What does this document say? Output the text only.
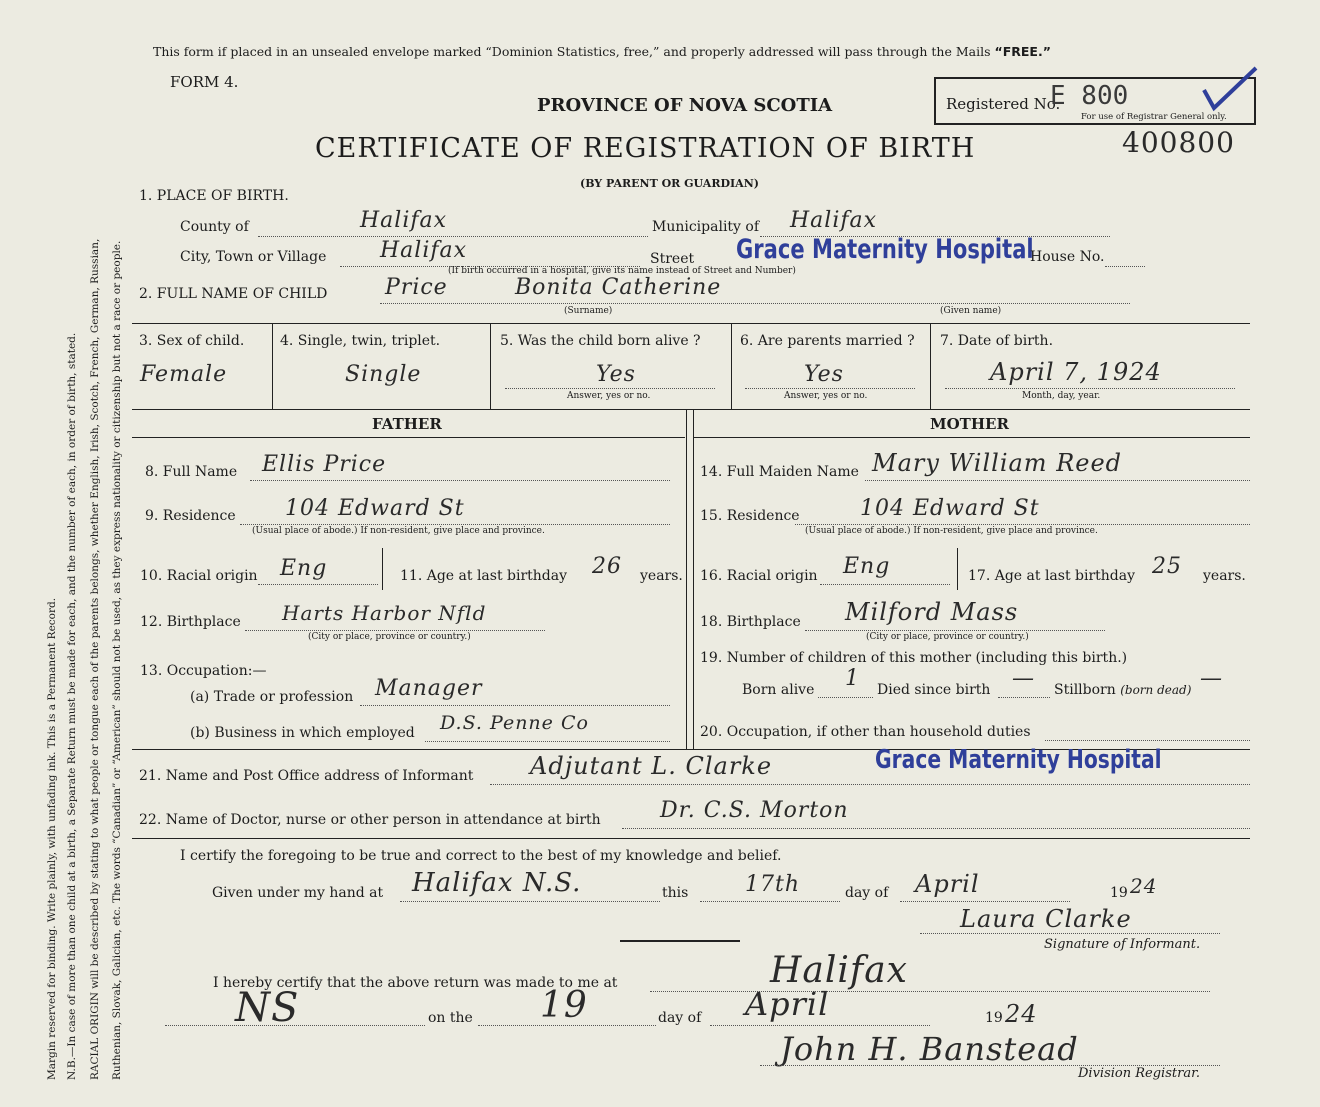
Margin reserved for binding. Write plainly, with unfading ink. This is a Permanent Record. N.B.—In case of more than one child at a birth, a Separate Return must be made for each, and the number of each, in order of birth, stated. RACIAL ORIGIN will be described by stating to what people or tongue each of the parents belongs, whether English, Irish, Scotch, French, German, Russian, Ruthenian, Slovak, Galician, etc. The words “Canadian” or “American” should not be used, as they express nationality or citizenship but not a race or people.
This form if placed in an unsealed envelope marked “Dominion Statistics, free,” and properly addressed will pass through the Mails “FREE.”
FORM 4.
PROVINCE OF NOVA SCOTIA
CERTIFICATE OF REGISTRATION OF BIRTH
(BY PARENT OR GUARDIAN)
Registered No.
E 800
For use of Registrar General only.
400800
1. PLACE OF BIRTH.
County of	Halifax	Municipality of Halifax
City, Town or Village Halifax	Street Grace Maternity Hospital
House No.
(If birth occurred in a hospital, give its name instead of Street and Number)
2. FULL NAME OF CHILD	Price	Bonita Catherine
(Surname)	(Given name)
3. Sex of child.
Female
4. Single, twin, triplet.
Single
5. Was the child born alive ?
Yes
Answer, yes or no.
6. Are parents married ?
Yes
Answer, yes or no.
7. Date of birth.
April 7, 1924
Month, day, year.
FATHER	MOTHER
8. Full Name Ellis Price
9. Residence 104 Edward St
(Usual place of abode.) If non-resident, give place and province.
10. Racial origin Eng	11. Age at last birthday 26 years.
12. Birthplace Harts Harbor Nfld
(City or place, province or country.)
13. Occupation:—
(a) Trade or profession Manager
(b) Business in which employed D.S. Penne Co
14. Full Maiden Name Mary William Reed
15. Residence	104 Edward St
(Usual place of abode.) If non-resident, give place and province.
16. Racial origin Eng	17. Age at last birthday 25 years.
18. Birthplace Milford Mass
(City or place, province or country.)
19. Number of children of this mother (including this birth.)
Born alive 1 Died since birth — Stillborn (born dead) —
20. Occupation, if other than household duties
21. Name and Post Office address of Informant Adjutant L. Clarke	Grace Maternity Hospital
22. Name of Doctor, nurse or other person in attendance at birth	Dr. C.S. Morton
I certify the foregoing to be true and correct to the best of my knowledge and belief.
Given under my hand at Halifax N.S.	this	17th	day of April	19 24
Laura Clarke
Signature of Informant.
I hereby certify that the above return was made to me at	Halifax
NS	on the 19	day of April	19 24
John H. Banstead
Division Registrar.
